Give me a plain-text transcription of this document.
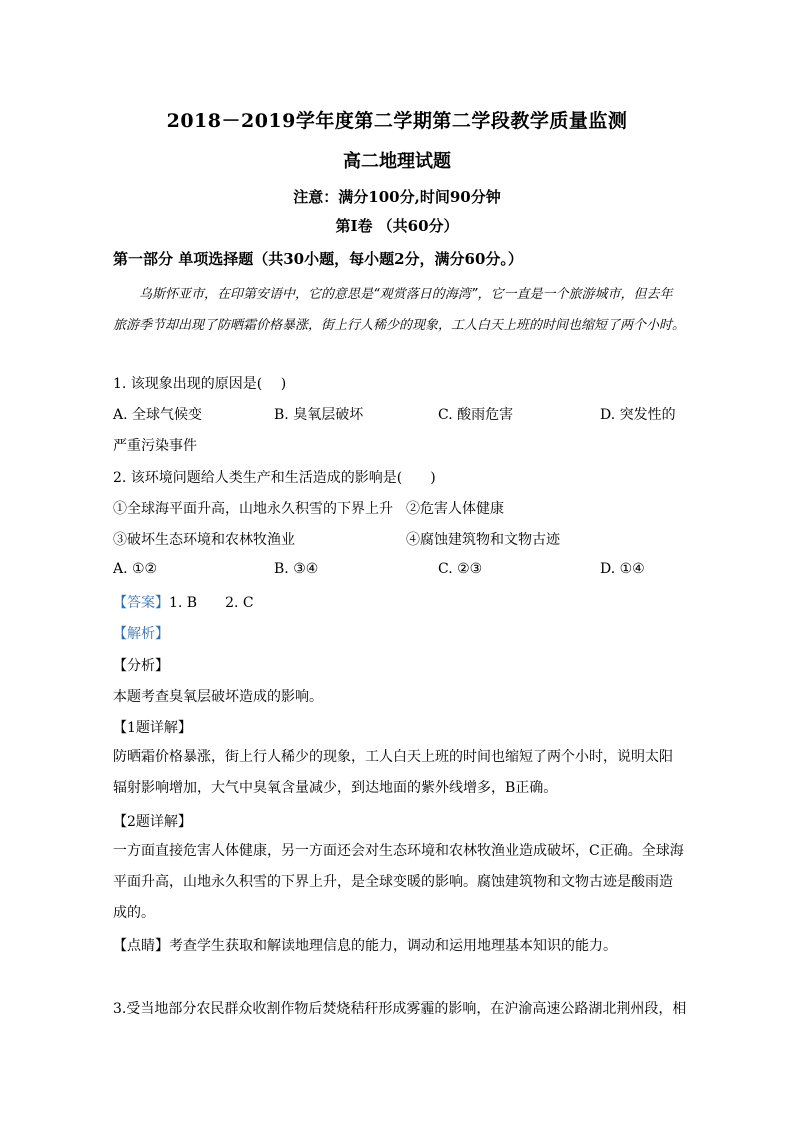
2018－2019学年度第二学期第二学段教学质量监测
高二地理试题
注意：满分100分,时间90分钟
第I卷 （共60分）
第一部分 单项选择题（共30小题，每小题2分，满分60分。）
乌斯怀亚市，在印第安语中，它的意思是“观赏落日的海湾”，它一直是一个旅游城市，但去年旅游季节却出现了防晒霜价格暴涨，街上行人稀少的现象，工人白天上班的时间也缩短了两个小时。
1. 该现象出现的原因是(　 )
A. 全球气候变	B. 臭氧层破坏	C. 酸雨危害	D. 突发性的
严重污染事件
2. 该环境问题给人类生产和生活造成的影响是(　　)
①全球海平面升高，山地永久积雪的下界上升 ②危害人体健康
③破坏生态环境和农林牧渔业	④腐蚀建筑物和文物古迹
A. ①②	B. ③④	C. ②③	D. ①④
【答案】1. B　　2. C
【解析】
【分析】
本题考查臭氧层破坏造成的影响。
【1题详解】
防晒霜价格暴涨，街上行人稀少的现象，工人白天上班的时间也缩短了两个小时，说明太阳辐射影响增加，大气中臭氧含量减少，到达地面的紫外线增多，B正确。
【2题详解】
一方面直接危害人体健康，另一方面还会对生态环境和农林牧渔业造成破坏，C正确。全球海平面升高，山地永久积雪的下界上升，是全球变暖的影响。腐蚀建筑物和文物古迹是酸雨造成的。
【点睛】考查学生获取和解读地理信息的能力，调动和运用地理基本知识的能力。
3.受当地部分农民群众收割作物后焚烧秸秆形成雾霾的影响，在沪渝高速公路湖北荆州段，相
